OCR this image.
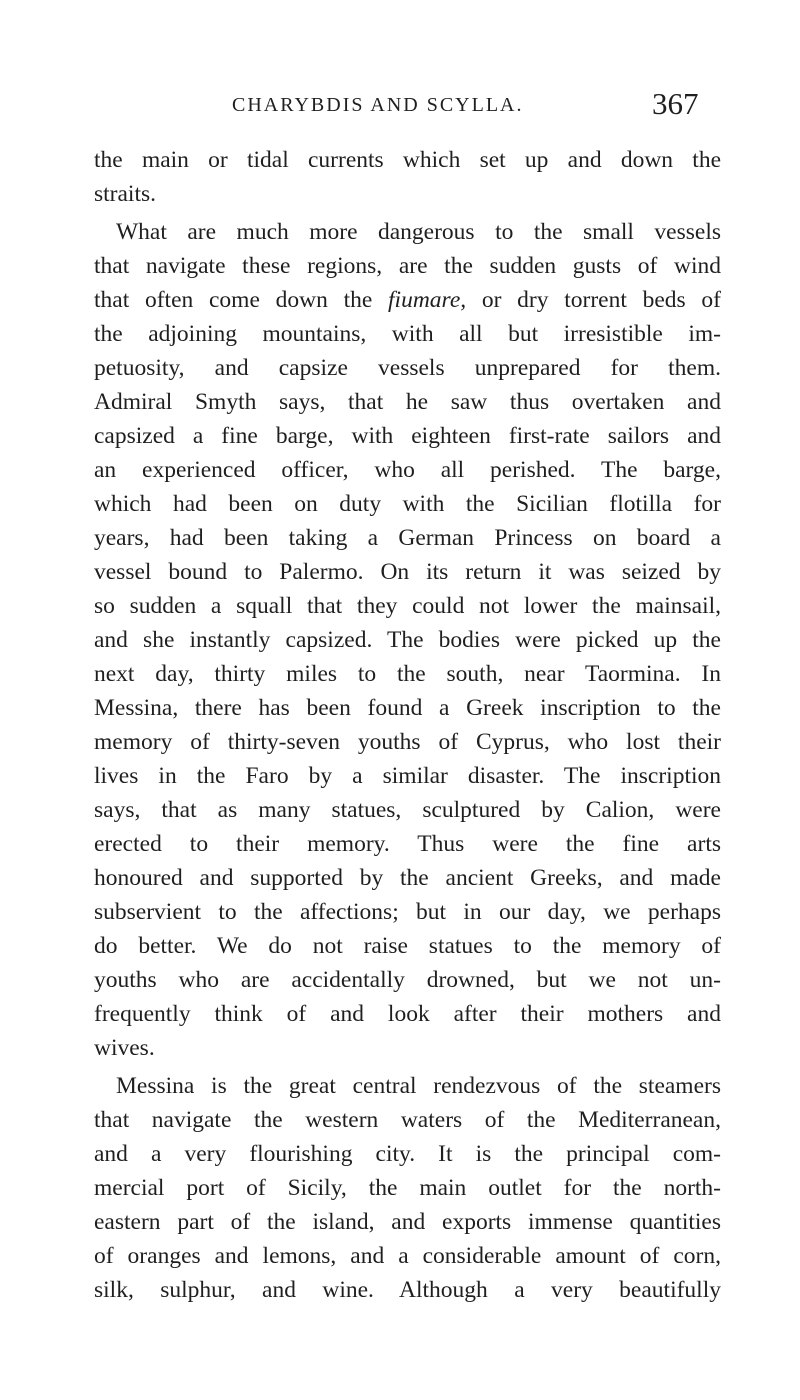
CHARYBDIS AND SCYLLA.	367
the main or tidal currents which set up and down the
straits.
What are much more dangerous to the small vessels
that navigate these regions, are the sudden gusts of wind
that often come down the fiumare, or dry torrent beds of
the adjoining mountains, with all but irresistible im-
petuosity, and capsize vessels unprepared for them.
Admiral Smyth says, that he saw thus overtaken and
capsized a fine barge, with eighteen first-rate sailors and
an experienced officer, who all perished. The barge,
which had been on duty with the Sicilian flotilla for
years, had been taking a German Princess on board a
vessel bound to Palermo. On its return it was seized by
so sudden a squall that they could not lower the mainsail,
and she instantly capsized. The bodies were picked up the
next day, thirty miles to the south, near Taormina. In
Messina, there has been found a Greek inscription to the
memory of thirty-seven youths of Cyprus, who lost their
lives in the Faro by a similar disaster. The inscription
says, that as many statues, sculptured by Calion, were
erected to their memory. Thus were the fine arts
honoured and supported by the ancient Greeks, and made
subservient to the affections; but in our day, we perhaps
do better. We do not raise statues to the memory of
youths who are accidentally drowned, but we not un-
frequently think of and look after their mothers and
wives.
Messina is the great central rendezvous of the steamers
that navigate the western waters of the Mediterranean,
and a very flourishing city. It is the principal com-
mercial port of Sicily, the main outlet for the north-
eastern part of the island, and exports immense quantities
of oranges and lemons, and a considerable amount of corn,
silk, sulphur, and wine. Although a very beautifully
